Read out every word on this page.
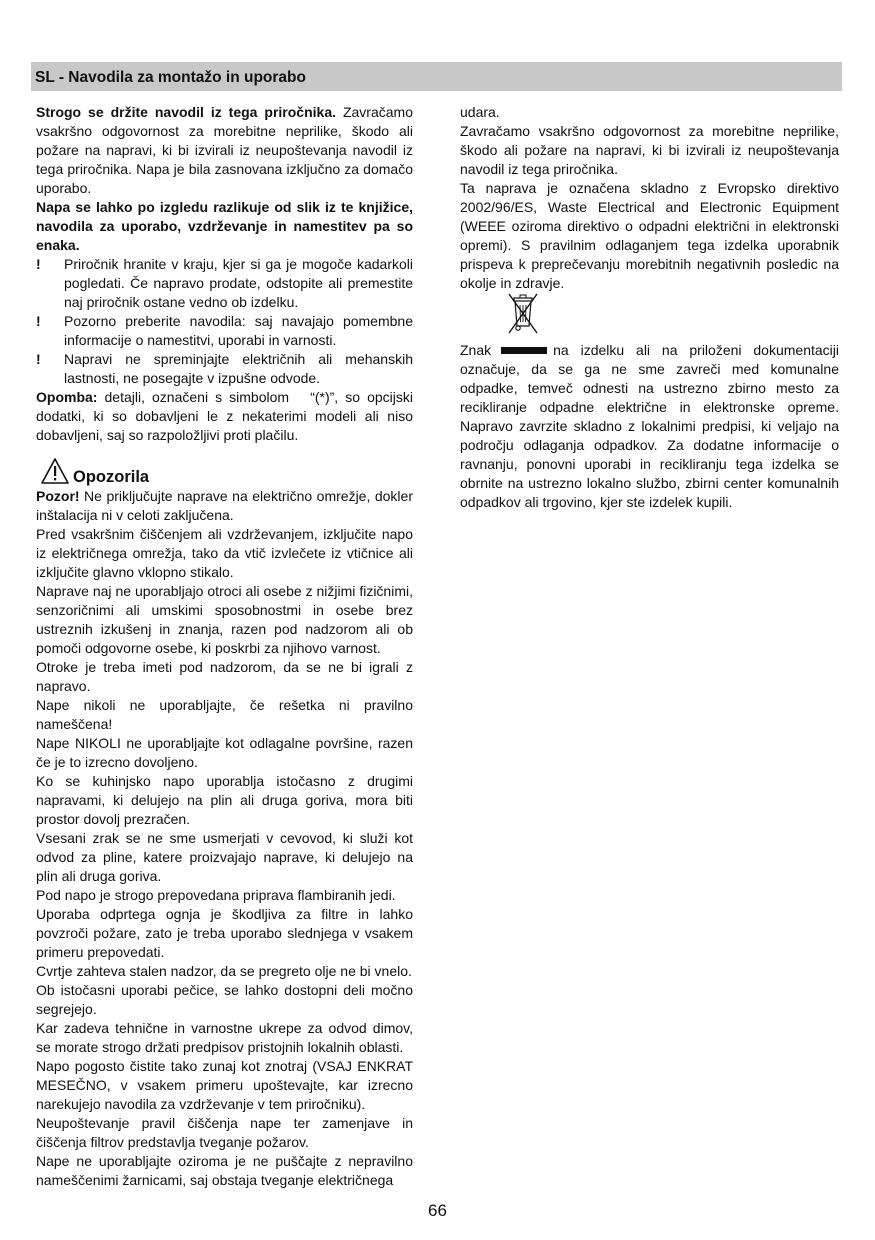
SL - Navodila za montažo in uporabo

Strogo se držite navodil iz tega priročnika. Zavračamo vsakršno odgovornost za morebitne neprilike, škodo ali požare na napravi, ki bi izvirali iz neupoštevanja navodil iz tega priročnika. Napa je bila zasnovana izključno za domačo uporabo.

Napa se lahko po izgledu razlikuje od slik iz te knjižice, navodila za uporabo, vzdrževanje in namestitev pa so enaka.

! Priročnik hranite v kraju, kjer si ga je mogoče kadarkoli pogledati. Če napravo prodate, odstopite ali premestite naj priročnik ostane vedno ob izdelku.
! Pozorno preberite navodila: saj navajajo pomembne informacije o namestitvi, uporabi in varnosti.
! Napravi ne spreminjajte električnih ali mehanskih lastnosti, ne posegajte v izpušne odvode.

Opomba: detajli, označeni s simbolom   “(*)”, so opcijski dodatki, ki so dobavljeni le z nekaterimi modeli ali niso dobavljeni, saj so razpoložljivi proti plačilu.

Opozorila

Pozor! Ne priključujte naprave na električno omrežje, dokler inštalacija ni v celoti zaključena.

Pred vsakršnim čiščenjem ali vzdrževanjem, izključite napo iz električnega omrežja, tako da vtič izvlečete iz vtičnice ali izključite glavno vklopno stikalo.

Naprave naj ne uporabljajo otroci ali osebe z nižjimi fizičnimi, senzoričnimi ali umskimi sposobnostmi in osebe brez ustreznih izkušenj in znanja, razen pod nadzorom ali ob pomoči odgovorne osebe, ki poskrbi za njihovo varnost.

Otroke je treba imeti pod nadzorom, da se ne bi igrali z napravo.

Nape nikoli ne uporabljajte, če rešetka ni pravilno nameščena!

Nape NIKOLI ne uporabljajte kot odlagalne površine, razen če je to izrecno dovoljeno.

Ko se kuhinjsko napo uporablja istočasno z drugimi napravami, ki delujejo na plin ali druga goriva, mora biti prostor dovolj prezračen.

Vsesani zrak se ne sme usmerjati v cevovod, ki služi kot odvod za pline, katere proizvajajo naprave, ki delujejo na plin ali druga goriva.

Pod napo je strogo prepovedana priprava flambiranih jedi.

Uporaba odprtega ognja je škodljiva za filtre in lahko povzroči požare, zato je treba uporabo slednjega v vsakem primeru prepovedati.

Cvrtje zahteva stalen nadzor, da se pregreto olje ne bi vnelo.

Ob istočasni uporabi pečice, se lahko dostopni deli močno segrejejo.

Kar zadeva tehnične in varnostne ukrepe za odvod dimov, se morate strogo držati predpisov pristojnih lokalnih oblasti.

Napo pogosto čistite tako zunaj kot znotraj (VSAJ ENKRAT MESEČNO, v vsakem primeru upoštevajte, kar izrecno narekujejo navodila za vzdrževanje v tem priročniku).

Neupoštevanje pravil čiščenja nape ter zamenjave in čiščenja filtrov predstavlja tveganje požarov.

Nape ne uporabljajte oziroma je ne puščajte z nepravilno nameščenimi žarnicami, saj obstaja tveganje električnega

udara.

Zavračamo vsakršno odgovornost za morebitne neprilike, škodo ali požare na napravi, ki bi izvirali iz neupoštevanja navodil iz tega priročnika.

Ta naprava je označena skladno z Evropsko direktivo 2002/96/ES, Waste Electrical and Electronic Equipment (WEEE oziroma direktivo o odpadni električni in elektronski opremi). S pravilnim odlaganjem tega izdelka uporabnik prispeva k preprečevanju morebitnih negativnih posledic na okolje in zdravje.

Znak	na izdelku ali na priloženi dokumentaciji označuje, da se ga ne sme zavreči med komunalne odpadke, temveč odnesti na ustrezno zbirno mesto za recikliranje odpadne električne in elektronske opreme. Napravo zavrzite skladno z lokalnimi predpisi, ki veljajo na področju odlaganja odpadkov. Za dodatne informacije o ravnanju, ponovni uporabi in recikliranju tega izdelka se obrnite na ustrezno lokalno službo, zbirni center komunalnih odpadkov ali trgovino, kjer ste izdelek kupili.

66
